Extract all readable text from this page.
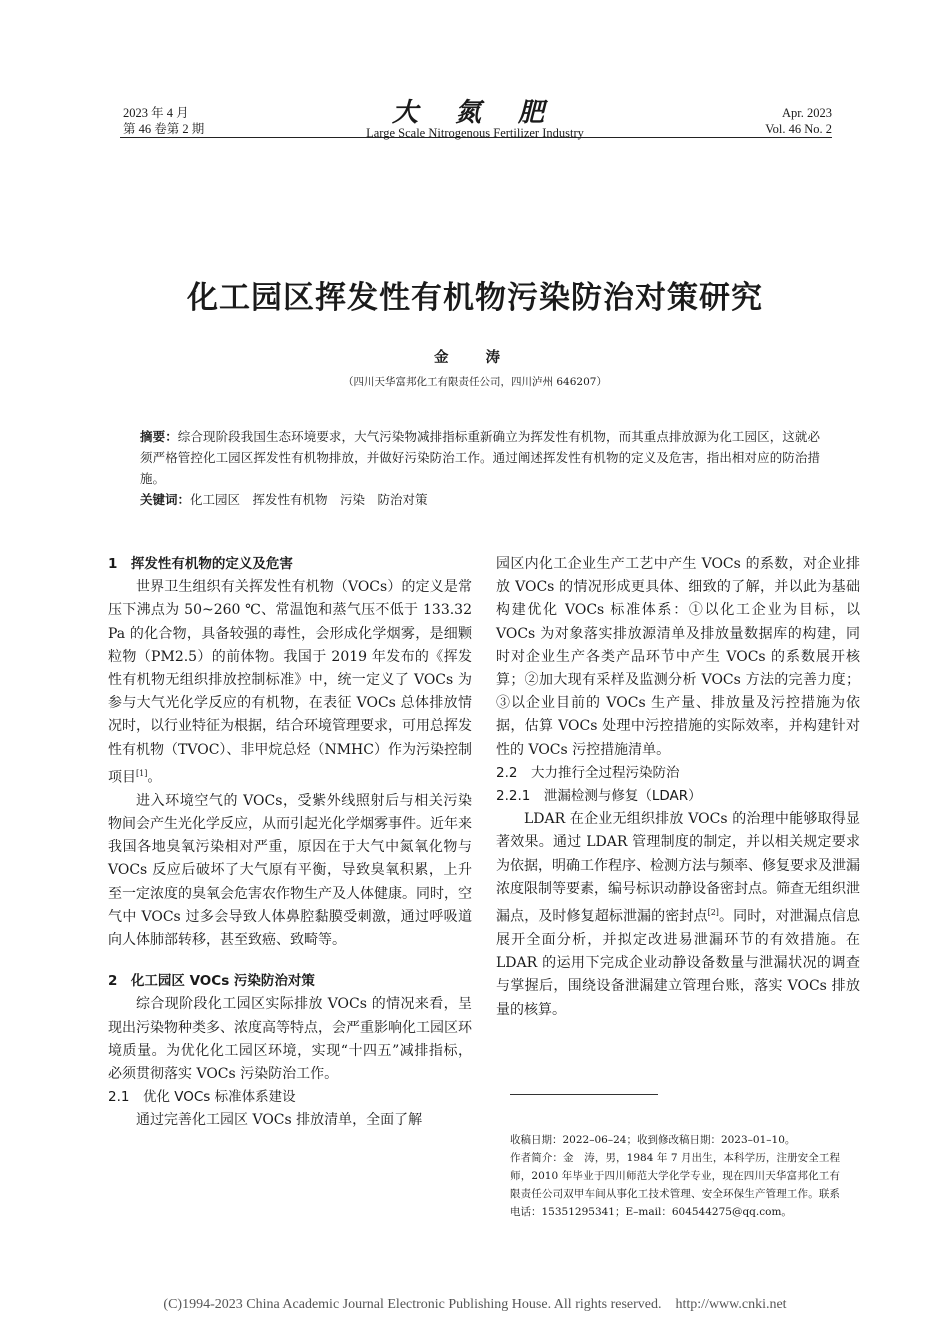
2023 年 4 月
第 46 卷第 2 期
大 氮 肥
Large Scale Nitrogenous Fertilizer Industry
Apr. 2023
Vol. 46 No. 2
化工园区挥发性有机物污染防治对策研究
金 涛
（四川天华富邦化工有限责任公司，四川泸州 646207）
摘要：综合现阶段我国生态环境要求，大气污染物减排指标重新确立为挥发性有机物，而其重点排放源为化工园区，这就必须严格管控化工园区挥发性有机物排放，并做好污染防治工作。通过阐述挥发性有机物的定义及危害，指出相对应的防治措施。
关键词：化工园区　挥发性有机物　污染　防治对策

1　挥发性有机物的定义及危害

世界卫生组织有关挥发性有机物（VOCs）的定义是常压下沸点为 50~260 ℃、常温饱和蒸气压不低于 133.32 Pa 的化合物，具备较强的毒性，会形成化学烟雾，是细颗粒物（PM2.5）的前体物。我国于 2019 年发布的《挥发性有机物无组织排放控制标准》中，统一定义了 VOCs 为参与大气光化学反应的有机物，在表征 VOCs 总体排放情况时，以行业特征为根据，结合环境管理要求，可用总挥发性有机物（TVOC）、非甲烷总烃（NMHC）作为污染控制项目[1]。

进入环境空气的 VOCs，受紫外线照射后与相关污染物间会产生光化学反应，从而引起光化学烟雾事件。近年来我国各地臭氧污染相对严重，原因在于大气中氮氧化物与 VOCs 反应后破坏了大气原有平衡，导致臭氧积累，上升至一定浓度的臭氧会危害农作物生产及人体健康。同时，空气中 VOCs 过多会导致人体鼻腔黏膜受刺激，通过呼吸道向人体肺部转移，甚至致癌、致畸等。

2　化工园区 VOCs 污染防治对策

综合现阶段化工园区实际排放 VOCs 的情况来看，呈现出污染物种类多、浓度高等特点，会严重影响化工园区环境质量。为优化化工园区环境，实现“十四五”减排指标，必须贯彻落实 VOCs 污染防治工作。

2.1　优化 VOCs 标准体系建设

通过完善化工园区 VOCs 排放清单，全面了解

园区内化工企业生产工艺中产生 VOCs 的系数，对企业排放 VOCs 的情况形成更具体、细致的了解，并以此为基础构建优化 VOCs 标准体系：①以化工企业为目标，以 VOCs 为对象落实排放源清单及排放量数据库的构建，同时对企业生产各类产品环节中产生 VOCs 的系数展开核算；②加大现有采样及监测分析 VOCs 方法的完善力度；③以企业目前的 VOCs 生产量、排放量及污控措施为依据，估算 VOCs 处理中污控措施的实际效率，并构建针对性的 VOCs 污控措施清单。

2.2　大力推行全过程污染防治

2.2.1　泄漏检测与修复（LDAR）

LDAR 在企业无组织排放 VOCs 的治理中能够取得显著效果。通过 LDAR 管理制度的制定，并以相关规定要求为依据，明确工作程序、检测方法与频率、修复要求及泄漏浓度限制等要素，编号标识动静设备密封点。筛查无组织泄漏点，及时修复超标泄漏的密封点[2]。同时，对泄漏点信息展开全面分析，并拟定改进易泄漏环节的有效措施。在 LDAR 的运用下完成企业动静设备数量与泄漏状况的调查与掌握后，围绕设备泄漏建立管理台账，落实 VOCs 排放量的核算。

收稿日期：2022–06–24；收到修改稿日期：2023–01–10。

作者简介：金　涛，男，1984 年 7 月出生，本科学历，注册安全工程师，2010 年毕业于四川师范大学化学专业，现在四川天华富邦化工有限责任公司双甲车间从事化工技术管理、安全环保生产管理工作。联系电话：15351295341；E–mail：604544275@qq.com。

(C)1994-2023 China Academic Journal Electronic Publishing House. All rights reserved.    http://www.cnki.net
